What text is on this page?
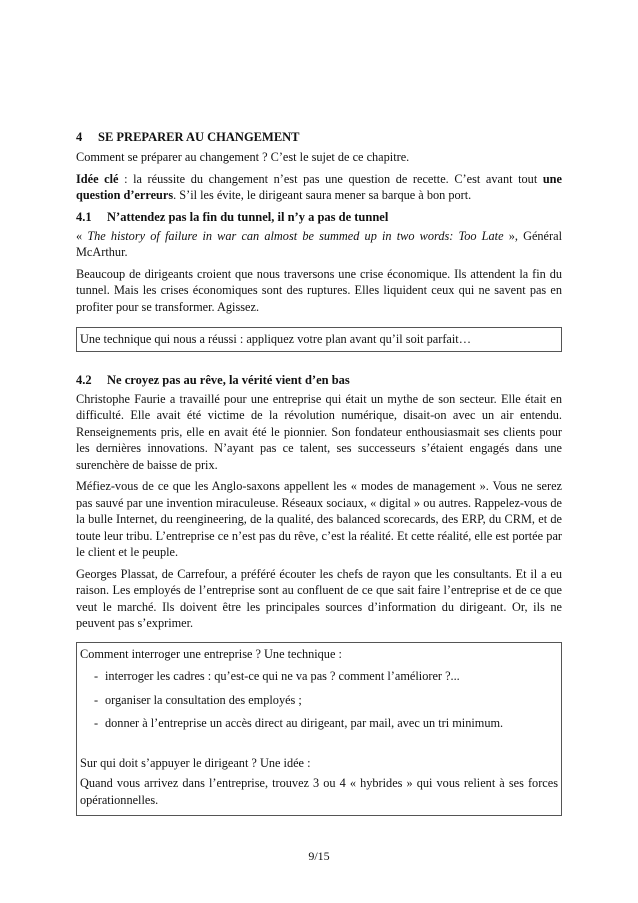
4 SE PREPARER AU CHANGEMENT

Comment se préparer au changement ? C’est le sujet de ce chapitre.

Idée clé : la réussite du changement n’est pas une question de recette. C’est avant tout une question d’erreurs. S’il les évite, le dirigeant saura mener sa barque à bon port.

4.1 N’attendez pas la fin du tunnel, il n’y a pas de tunnel

« The history of failure in war can almost be summed up in two words: Too Late », Général McArthur.

Beaucoup de dirigeants croient que nous traversons une crise économique. Ils attendent la fin du tunnel. Mais les crises économiques sont des ruptures. Elles liquident ceux qui ne savent pas en profiter pour se transformer. Agissez.

Une technique qui nous a réussi : appliquez votre plan avant qu’il soit parfait…

4.2 Ne croyez pas au rêve, la vérité vient d’en bas

Christophe Faurie a travaillé pour une entreprise qui était un mythe de son secteur. Elle était en difficulté. Elle avait été victime de la révolution numérique, disait-on avec un air entendu. Renseignements pris, elle en avait été le pionnier. Son fondateur enthousiasmait ses clients pour les dernières innovations. N’ayant pas ce talent, ses successeurs s’étaient engagés dans une surenchère de baisse de prix.

Méfiez-vous de ce que les Anglo-saxons appellent les « modes de management ». Vous ne serez pas sauvé par une invention miraculeuse. Réseaux sociaux, « digital » ou autres. Rappelez-vous de la bulle Internet, du reengineering, de la qualité, des balanced scorecards, des ERP, du CRM, et de toute leur tribu. L’entreprise ce n’est pas du rêve, c’est la réalité. Et cette réalité, elle est portée par le client et le peuple.

Georges Plassat, de Carrefour, a préféré écouter les chefs de rayon que les consultants. Et il a eu raison. Les employés de l’entreprise sont au confluent de ce que sait faire l’entreprise et de ce que veut le marché. Ils doivent être les principales sources d’information du dirigeant. Or, ils ne peuvent pas s’exprimer.

Comment interroger une entreprise ? Une technique :

- interroger les cadres : qu’est-ce qui ne va pas ? comment l’améliorer ?...
- organiser la consultation des employés ;
- donner à l’entreprise un accès direct au dirigeant, par mail, avec un tri minimum.

Sur qui doit s’appuyer le dirigeant ? Une idée :

Quand vous arrivez dans l’entreprise, trouvez 3 ou 4 « hybrides » qui vous relient à ses forces opérationnelles.

9/15
